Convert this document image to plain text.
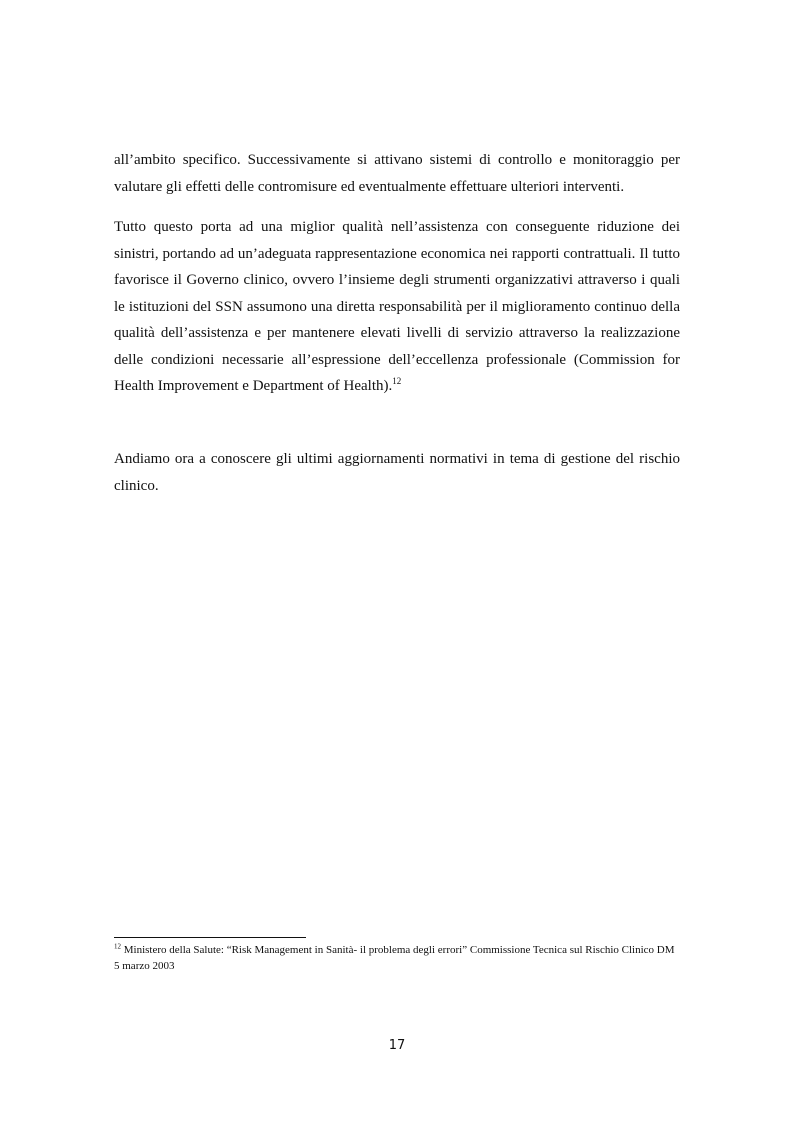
all’ambito specifico. Successivamente si attivano sistemi di controllo e monitoraggio per valutare gli effetti delle contromisure ed eventualmente effettuare ulteriori interventi.

Tutto questo porta ad una miglior qualità nell’assistenza con conseguente riduzione dei sinistri, portando ad un’adeguata rappresentazione economica nei rapporti contrattuali. Il tutto favorisce il Governo clinico, ovvero l’insieme degli strumenti organizzativi attraverso i quali le istituzioni del SSN assumono una diretta responsabilità per il miglioramento continuo della qualità dell’assistenza e per mantenere elevati livelli di servizio attraverso la realizzazione delle condizioni necessarie all’espressione dell’eccellenza professionale (Commission for Health Improvement e Department of Health).$^{12}$

Andiamo ora a conoscere gli ultimi aggiornamenti normativi in tema di gestione del rischio clinico.

$^{12}$ Ministero della Salute: “Risk Management in Sanità- il problema degli errori” Commissione Tecnica sul Rischio Clinico DM 5 marzo 2003

17
